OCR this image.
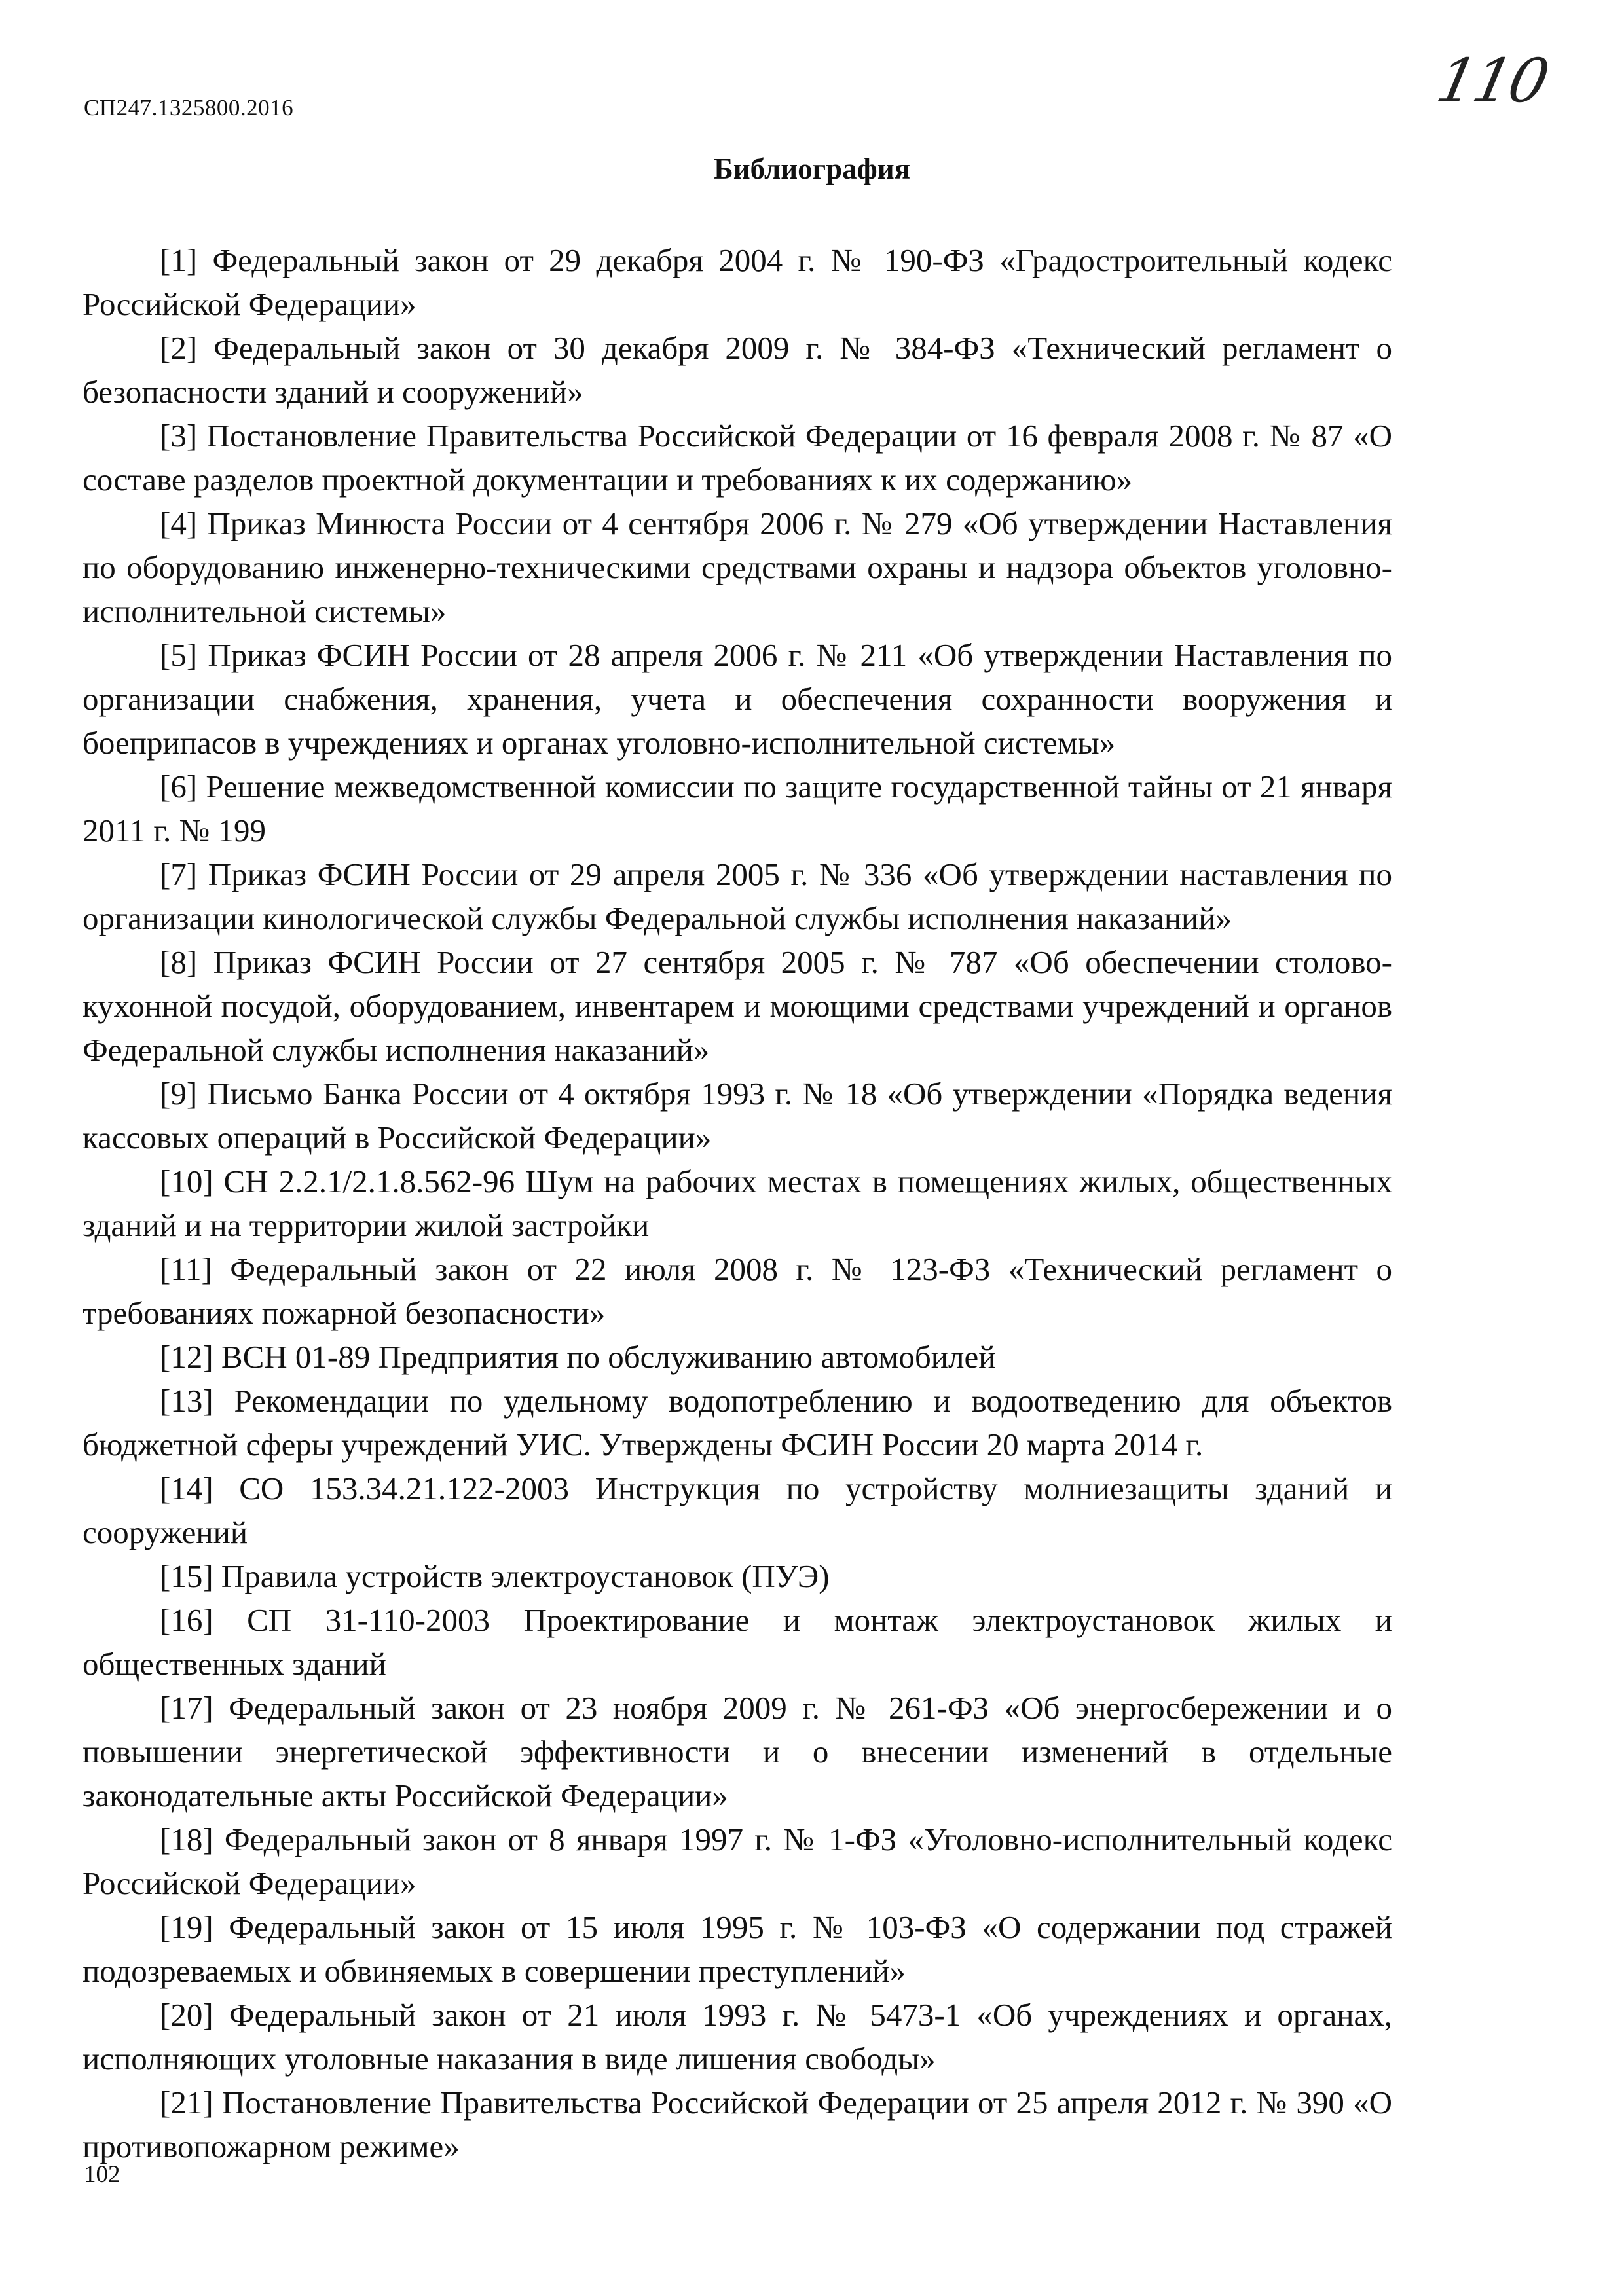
СП247.1325800.2016	110
Библиография

[1] Федеральный закон от 29 декабря 2004 г. № 190-ФЗ «Градостроительный кодекс Российской Федерации»

[2] Федеральный закон от 30 декабря 2009 г. № 384-ФЗ «Технический регламент о безопасности зданий и сооружений»

[3] Постановление Правительства Российской Федерации от 16 февраля 2008 г. № 87 «О составе разделов проектной документации и требованиях к их содержанию»

[4] Приказ Минюста России от 4 сентября 2006 г. № 279 «Об утверждении Наставления по оборудованию инженерно-техническими средствами охраны и надзора объектов уголовно-исполнительной системы»

[5] Приказ ФСИН России от 28 апреля 2006 г. № 211 «Об утверждении Наставления по организации снабжения, хранения, учета и обеспечения сохранности вооружения и боеприпасов в учреждениях и органах уголовно-исполнительной системы»

[6] Решение межведомственной комиссии по защите государственной тайны от 21 января 2011 г. № 199

[7] Приказ ФСИН России от 29 апреля 2005 г. № 336 «Об утверждении наставления по организации кинологической службы Федеральной службы исполнения наказаний»

[8] Приказ ФСИН России от 27 сентября 2005 г. № 787 «Об обеспечении столово-кухонной посудой, оборудованием, инвентарем и моющими средствами учреждений и органов Федеральной службы исполнения наказаний»

[9] Письмо Банка России от 4 октября 1993 г. № 18 «Об утверждении «Порядка ведения кассовых операций в Российской Федерации»

[10] СН 2.2.1/2.1.8.562-96 Шум на рабочих местах в помещениях жилых, общественных зданий и на территории жилой застройки

[11] Федеральный закон от 22 июля 2008 г. № 123-ФЗ «Технический регламент о требованиях пожарной безопасности»

[12] ВСН 01-89 Предприятия по обслуживанию автомобилей

[13] Рекомендации по удельному водопотреблению и водоотведению для объектов бюджетной сферы учреждений УИС. Утверждены ФСИН России 20 марта 2014 г.

[14] СО 153.34.21.122-2003 Инструкция по устройству молниезащиты зданий и сооружений

[15] Правила устройств электроустановок (ПУЭ)

[16] СП 31-110-2003 Проектирование и монтаж электроустановок жилых и общественных зданий

[17] Федеральный закон от 23 ноября 2009 г. № 261-ФЗ «Об энергосбережении и о повышении энергетической эффективности и о внесении изменений в отдельные законодательные акты Российской Федерации»

[18] Федеральный закон от 8 января 1997 г. № 1-ФЗ «Уголовно-исполнительный кодекс Российской Федерации»

[19] Федеральный закон от 15 июля 1995 г. № 103-ФЗ «О содержании под стражей подозреваемых и обвиняемых в совершении преступлений»

[20] Федеральный закон от 21 июля 1993 г. № 5473-1 «Об учреждениях и органах, исполняющих уголовные наказания в виде лишения свободы»

[21] Постановление Правительства Российской Федерации от 25 апреля 2012 г. № 390 «О противопожарном режиме»

102
